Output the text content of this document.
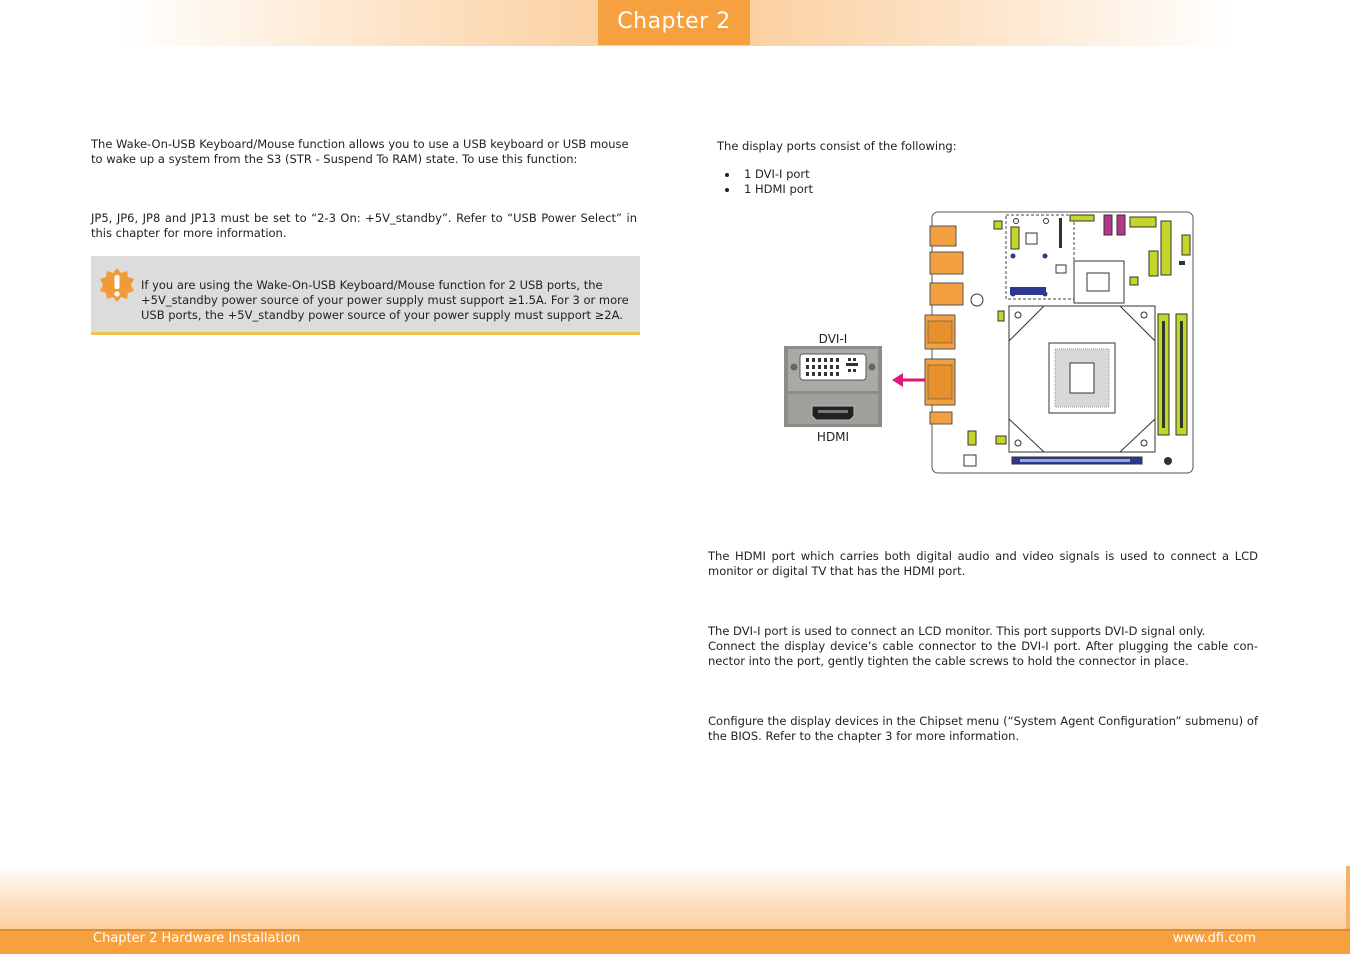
Chapter 2
The Wake-On-USB Keyboard/Mouse function allows you to use a USB keyboard or USB mouse to wake up a system from the S3 (STR - Suspend To RAM) state. To use this function:
JP5, JP6, JP8 and JP13 must be set to “2-3 On: +5V_standby”. Refer to “USB Power Select” in this chapter for more information.
If you are using the Wake-On-USB Keyboard/Mouse function for 2 USB ports, the +5V_standby power source of your power supply must support ≥1.5A. For 3 or more USB ports, the +5V_standby power source of your power supply must support ≥2A.
The display ports consist of the following:
• 1 DVI-I port
• 1 HDMI port
DVI-I
HDMI
The HDMI port which carries both digital audio and video signals is used to connect a LCD monitor or digital TV that has the HDMI port.
The DVI-I port is used to connect an LCD monitor. This port supports DVI-D signal only.
Connect the display device’s cable connector to the DVI-I port. After plugging the cable con-nector into the port, gently tighten the cable screws to hold the connector in place.
Configure the display devices in the Chipset menu (“System Agent Configuration” submenu) of the BIOS. Refer to the chapter 3 for more information.
Chapter 2 Hardware Installation	www.dfi.com
